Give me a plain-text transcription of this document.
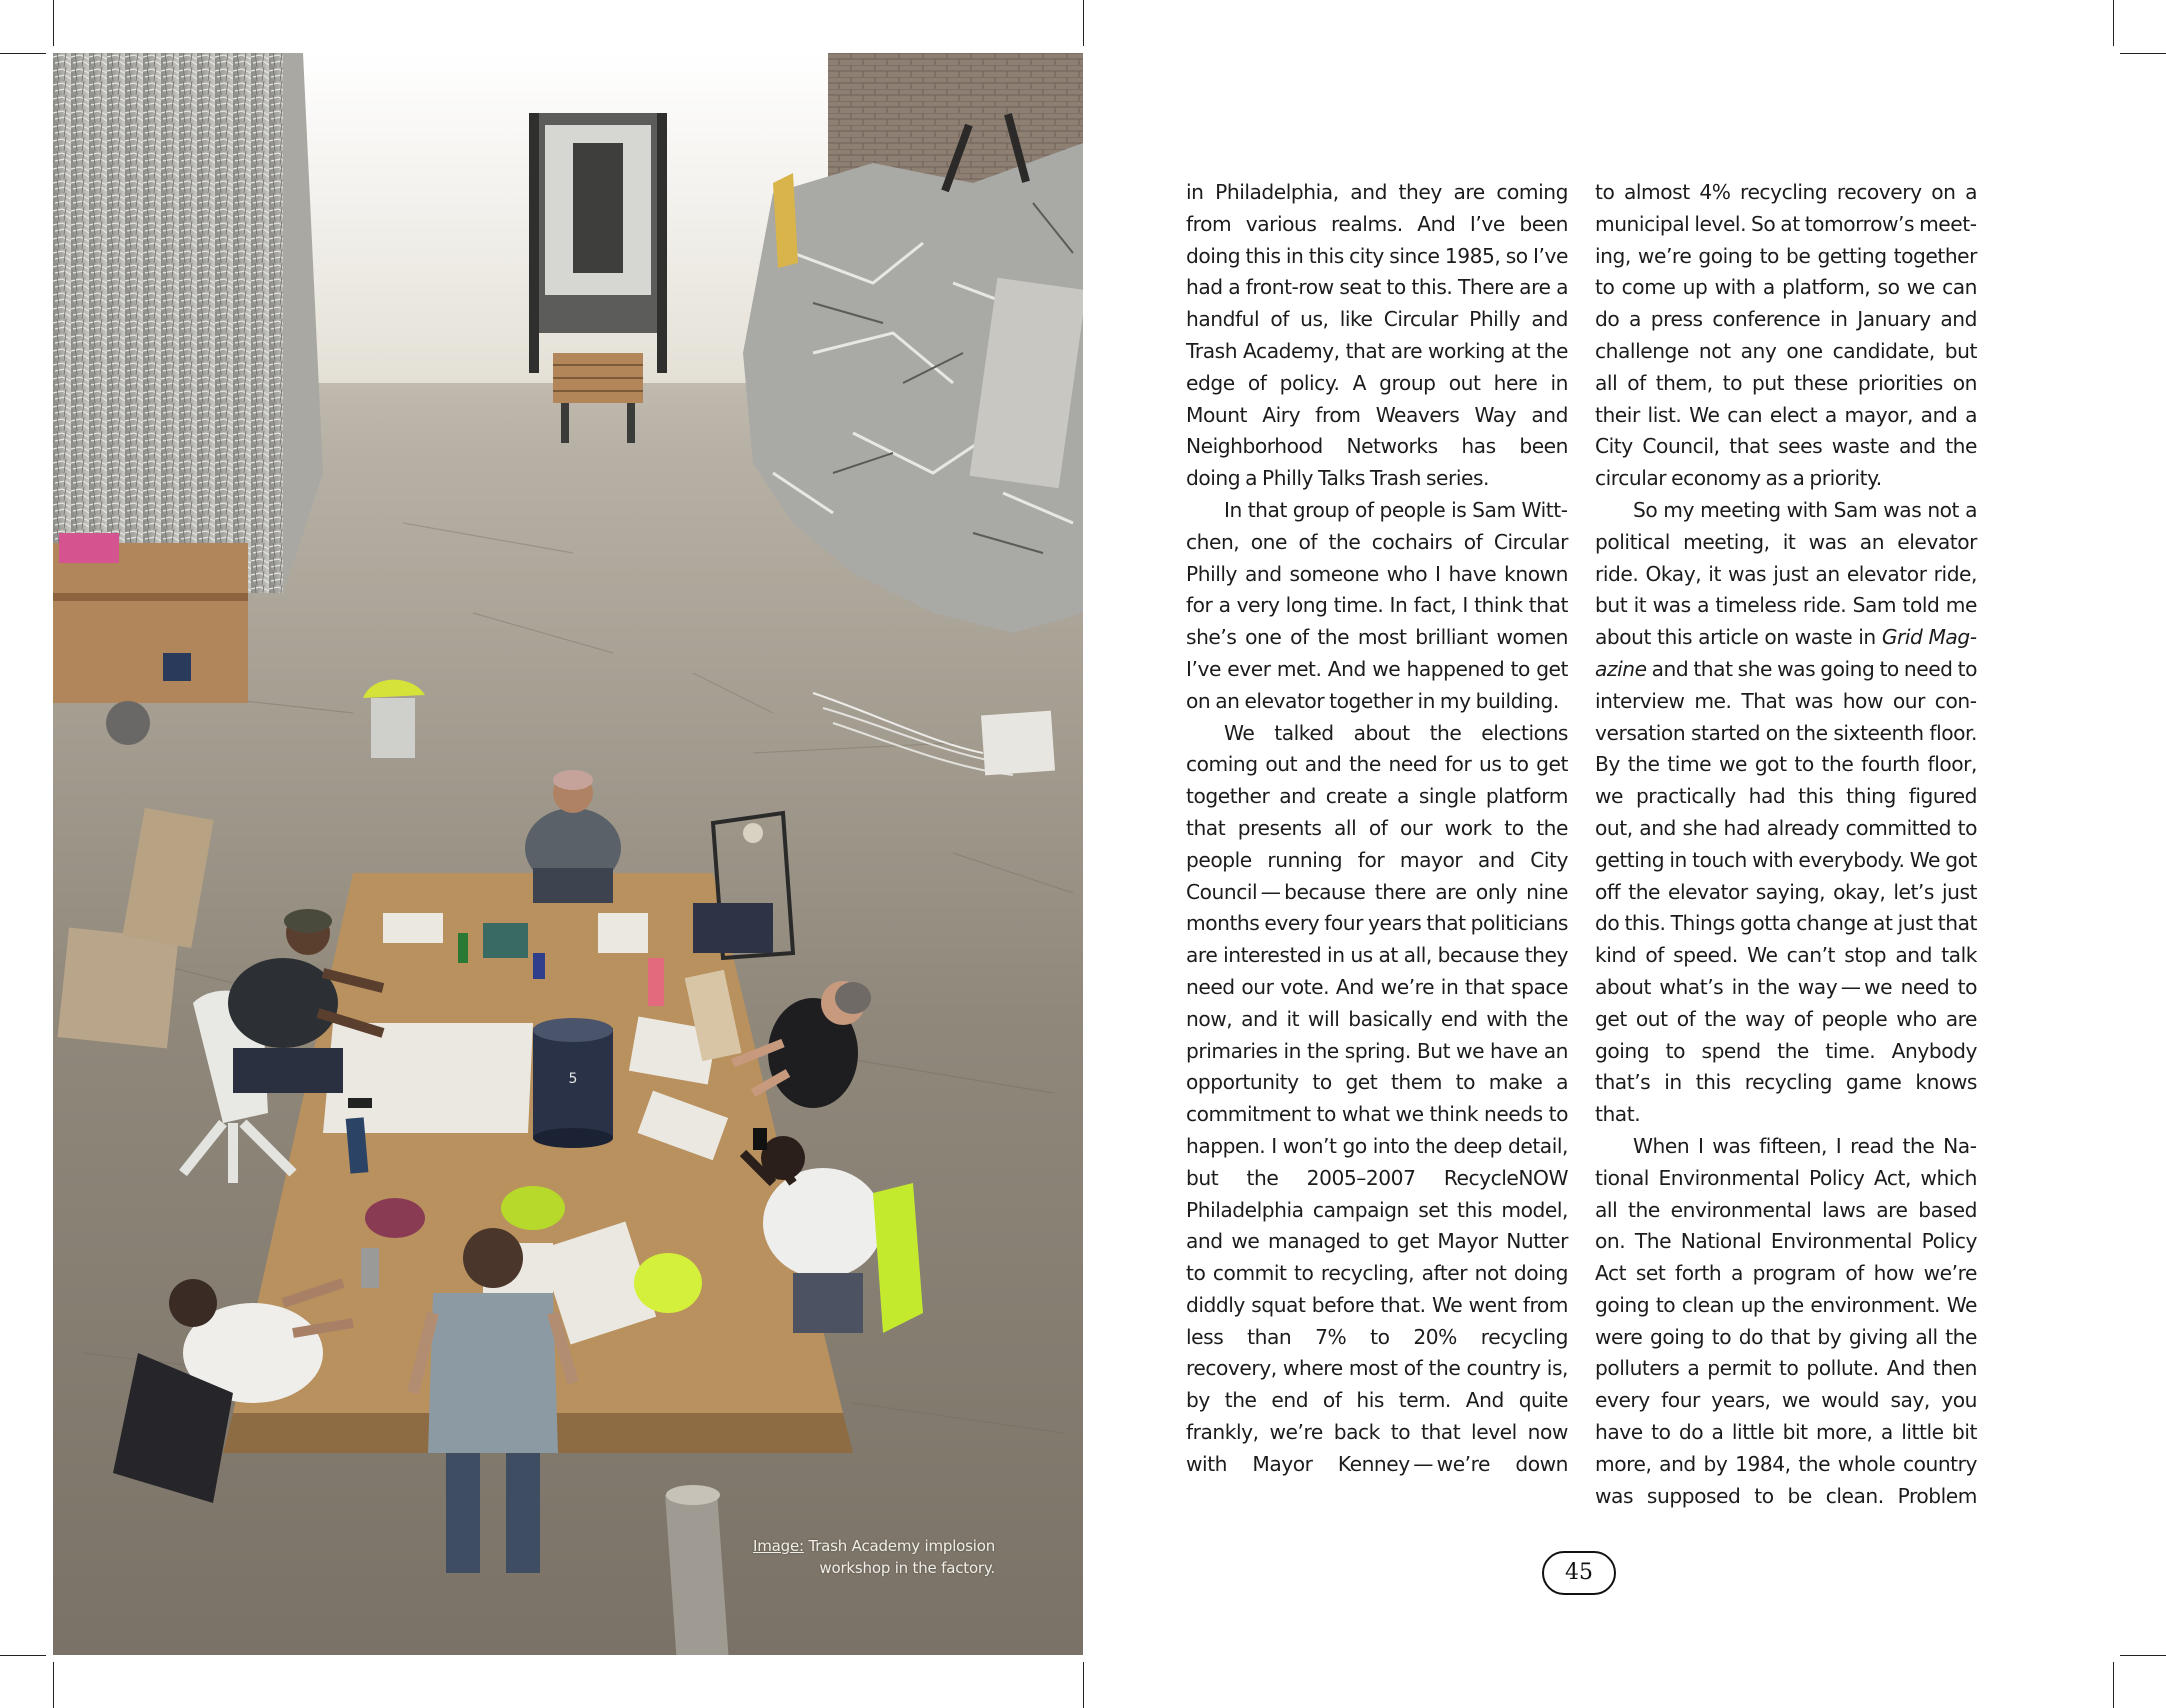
5
Image: Trash Academy implosion
workshop in the factory.

in Philadelphia, and they are coming from various realms. And I’ve been doing this in this city since 1985, so I’ve had a front-row seat to this. There are a handful of us, like Circular Philly and Trash Academy, that are working at the edge of policy. A group out here in Mount Airy from Weavers Way and Neighborhood Networks has been doing a Philly Talks Trash series.

In that group of people is Sam Wittchen, one of the cochairs of Circular Philly and someone who I have known for a very long time. In fact, I think that she’s one of the most brilliant women I’ve ever met. And we happened to get on an elevator together in my building.

We talked about the elections coming out and the need for us to get together and create a single platform that presents all of our work to the people running for mayor and City Council — because there are only nine months every four years that politicians are interested in us at all, because they need our vote. And we’re in that space now, and it will basically end with the primaries in the spring. But we have an opportunity to get them to make a commitment to what we think needs to happen. I won’t go into the deep detail, but the 2005–2007 RecycleNOW Philadelphia campaign set this model, and we managed to get Mayor Nutter to commit to recycling, after not doing diddly squat before that. We went from less than 7% to 20% recycling recovery, where most of the country is, by the end of his term. And quite frankly, we’re back to that level now with Mayor Kenney — we’re down

to almost 4% recycling recovery on a municipal level. So at tomorrow’s meeting, we’re going to be getting together to come up with a platform, so we can do a press conference in January and challenge not any one candidate, but all of them, to put these priorities on their list. We can elect a mayor, and a City Council, that sees waste and the circular economy as a priority.

So my meeting with Sam was not a political meeting, it was an elevator ride. Okay, it was just an elevator ride, but it was a timeless ride. Sam told me about this article on waste in Grid Magazine and that she was going to need to interview me. That was how our conversation started on the sixteenth floor. By the time we got to the fourth floor, we practically had this thing figured out, and she had already committed to getting in touch with everybody. We got off the elevator saying, okay, let’s just do this. Things gotta change at just that kind of speed. We can’t stop and talk about what’s in the way — we need to get out of the way of people who are going to spend the time. Anybody that’s in this recycling game knows that.

When I was fifteen, I read the National Environmental Policy Act, which all the environmental laws are based on. The National Environmental Policy Act set forth a program of how we’re going to clean up the environment. We were going to do that by giving all the polluters a permit to pollute. And then every four years, we would say, you have to do a little bit more, a little bit more, and by 1984, the whole country was supposed to be clean. Problem

45
